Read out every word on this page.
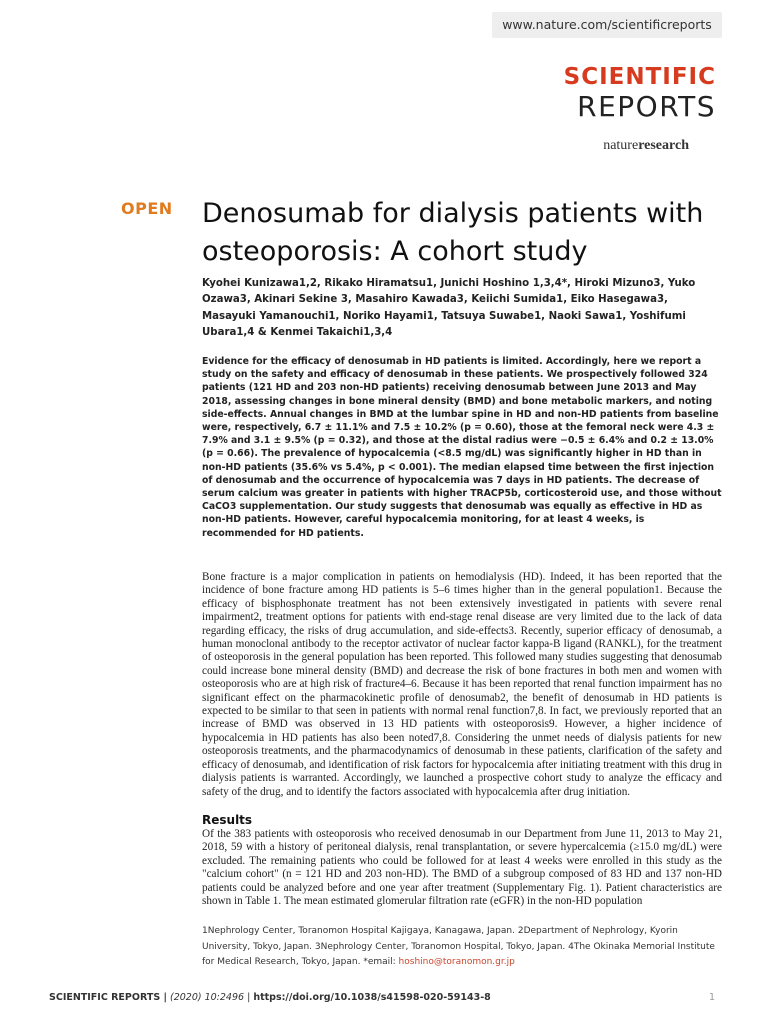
www.nature.com/scientificreports
SCIENTIFIC
REPORTS
natureresearch
OPEN Denosumab for dialysis patients with osteoporosis: A cohort study
Kyohei Kunizawa1,2, Rikako Hiramatsu1, Junichi Hoshino 1,3,4*, Hiroki Mizuno3, Yuko Ozawa3, Akinari Sekine 3, Masahiro Kawada3, Keiichi Sumida1, Eiko Hasegawa3, Masayuki Yamanouchi1, Noriko Hayami1, Tatsuya Suwabe1, Naoki Sawa1, Yoshifumi Ubara1,4 & Kenmei Takaichi1,3,4
Evidence for the efficacy of denosumab in HD patients is limited. Accordingly, here we report a study on the safety and efficacy of denosumab in these patients. We prospectively followed 324 patients (121 HD and 203 non-HD patients) receiving denosumab between June 2013 and May 2018, assessing changes in bone mineral density (BMD) and bone metabolic markers, and noting side-effects. Annual changes in BMD at the lumbar spine in HD and non-HD patients from baseline were, respectively, 6.7 ± 11.1% and 7.5 ± 10.2% (p = 0.60), those at the femoral neck were 4.3 ± 7.9% and 3.1 ± 9.5% (p = 0.32), and those at the distal radius were −0.5 ± 6.4% and 0.2 ± 13.0% (p = 0.66). The prevalence of hypocalcemia (<8.5 mg/dL) was significantly higher in HD than in non-HD patients (35.6% vs 5.4%, p < 0.001). The median elapsed time between the first injection of denosumab and the occurrence of hypocalcemia was 7 days in HD patients. The decrease of serum calcium was greater in patients with higher TRACP5b, corticosteroid use, and those without CaCO3 supplementation. Our study suggests that denosumab was equally as effective in HD as non-HD patients. However, careful hypocalcemia monitoring, for at least 4 weeks, is recommended for HD patients.
Bone fracture is a major complication in patients on hemodialysis (HD). Indeed, it has been reported that the incidence of bone fracture among HD patients is 5–6 times higher than in the general population1. Because the efficacy of bisphosphonate treatment has not been extensively investigated in patients with severe renal impairment2, treatment options for patients with end-stage renal disease are very limited due to the lack of data regarding efficacy, the risks of drug accumulation, and side-effects3. Recently, superior efficacy of denosumab, a human monoclonal antibody to the receptor activator of nuclear factor kappa-B ligand (RANKL), for the treatment of osteoporosis in the general population has been reported. This followed many studies suggesting that denosumab could increase bone mineral density (BMD) and decrease the risk of bone fractures in both men and women with osteoporosis who are at high risk of fracture4–6. Because it has been reported that renal function impairment has no significant effect on the pharmacokinetic profile of denosumab2, the benefit of denosumab in HD patients is expected to be similar to that seen in patients with normal renal function7,8. In fact, we previously reported that an increase of BMD was observed in 13 HD patients with osteoporosis9. However, a higher incidence of hypocalcemia in HD patients has also been noted7,8. Considering the unmet needs of dialysis patients for new osteoporosis treatments, and the pharmacodynamics of denosumab in these patients, clarification of the safety and efficacy of denosumab, and identification of risk factors for hypocalcemia after initiating treatment with this drug in dialysis patients is warranted. Accordingly, we launched a prospective cohort study to analyze the efficacy and safety of the drug, and to identify the factors associated with hypocalcemia after drug initiation.
Results
Of the 383 patients with osteoporosis who received denosumab in our Department from June 11, 2013 to May 21, 2018, 59 with a history of peritoneal dialysis, renal transplantation, or severe hypercalcemia (≥15.0 mg/dL) were excluded. The remaining patients who could be followed for at least 4 weeks were enrolled in this study as the "calcium cohort" (n = 121 HD and 203 non-HD). The BMD of a subgroup composed of 83 HD and 137 non-HD patients could be analyzed before and one year after treatment (Supplementary Fig. 1). Patient characteristics are shown in Table 1. The mean estimated glomerular filtration rate (eGFR) in the non-HD population
1Nephrology Center, Toranomon Hospital Kajigaya, Kanagawa, Japan. 2Department of Nephrology, Kyorin University, Tokyo, Japan. 3Nephrology Center, Toranomon Hospital, Tokyo, Japan. 4The Okinaka Memorial Institute for Medical Research, Tokyo, Japan. *email: hoshino@toranomon.gr.jp
SCIENTIFIC REPORTS | (2020) 10:2496 | https://doi.org/10.1038/s41598-020-59143-8	1
